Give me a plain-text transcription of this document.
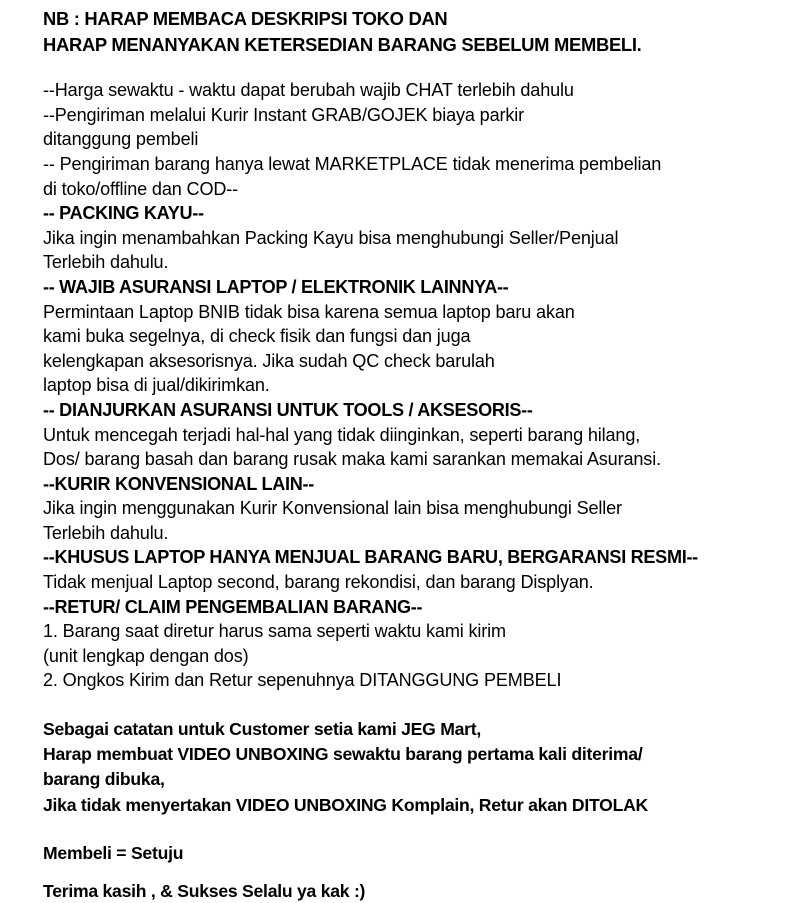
NB : HARAP MEMBACA DESKRIPSI TOKO DAN
HARAP MENANYAKAN KETERSEDIAN BARANG SEBELUM MEMBELI.
--Harga sewaktu - waktu dapat berubah wajib CHAT terlebih dahulu
--Pengiriman melalui Kurir Instant GRAB/GOJEK biaya parkir
ditanggung pembeli
-- Pengiriman barang hanya lewat MARKETPLACE tidak menerima pembelian
di toko/offline dan COD--
-- PACKING KAYU--
Jika ingin menambahkan Packing Kayu bisa menghubungi Seller/Penjual
Terlebih dahulu.
-- WAJIB ASURANSI LAPTOP / ELEKTRONIK LAINNYA--
Permintaan Laptop BNIB tidak bisa karena semua laptop baru akan
kami buka segelnya, di check fisik dan fungsi dan juga
kelengkapan aksesorisnya. Jika sudah QC check barulah
laptop bisa di jual/dikirimkan.
-- DIANJURKAN ASURANSI UNTUK TOOLS / AKSESORIS--
Untuk mencegah terjadi hal-hal yang tidak diinginkan, seperti barang hilang,
Dos/ barang basah dan barang rusak maka kami sarankan memakai Asuransi.
--KURIR KONVENSIONAL LAIN--
Jika ingin menggunakan Kurir Konvensional lain bisa menghubungi Seller
Terlebih dahulu.
--KHUSUS LAPTOP HANYA MENJUAL BARANG BARU, BERGARANSI RESMI--
Tidak menjual Laptop second, barang rekondisi, dan barang Displyan.
--RETUR/ CLAIM PENGEMBALIAN BARANG--
1. Barang saat diretur harus sama seperti waktu kami kirim
(unit lengkap dengan dos)
2. Ongkos Kirim dan Retur sepenuhnya DITANGGUNG PEMBELI
Sebagai catatan untuk Customer setia kami JEG Mart,
Harap membuat VIDEO UNBOXING sewaktu barang pertama kali diterima/
barang dibuka,
Jika tidak menyertakan VIDEO UNBOXING Komplain, Retur akan DITOLAK
Membeli = Setuju
Terima kasih , & Sukses Selalu ya kak :)
